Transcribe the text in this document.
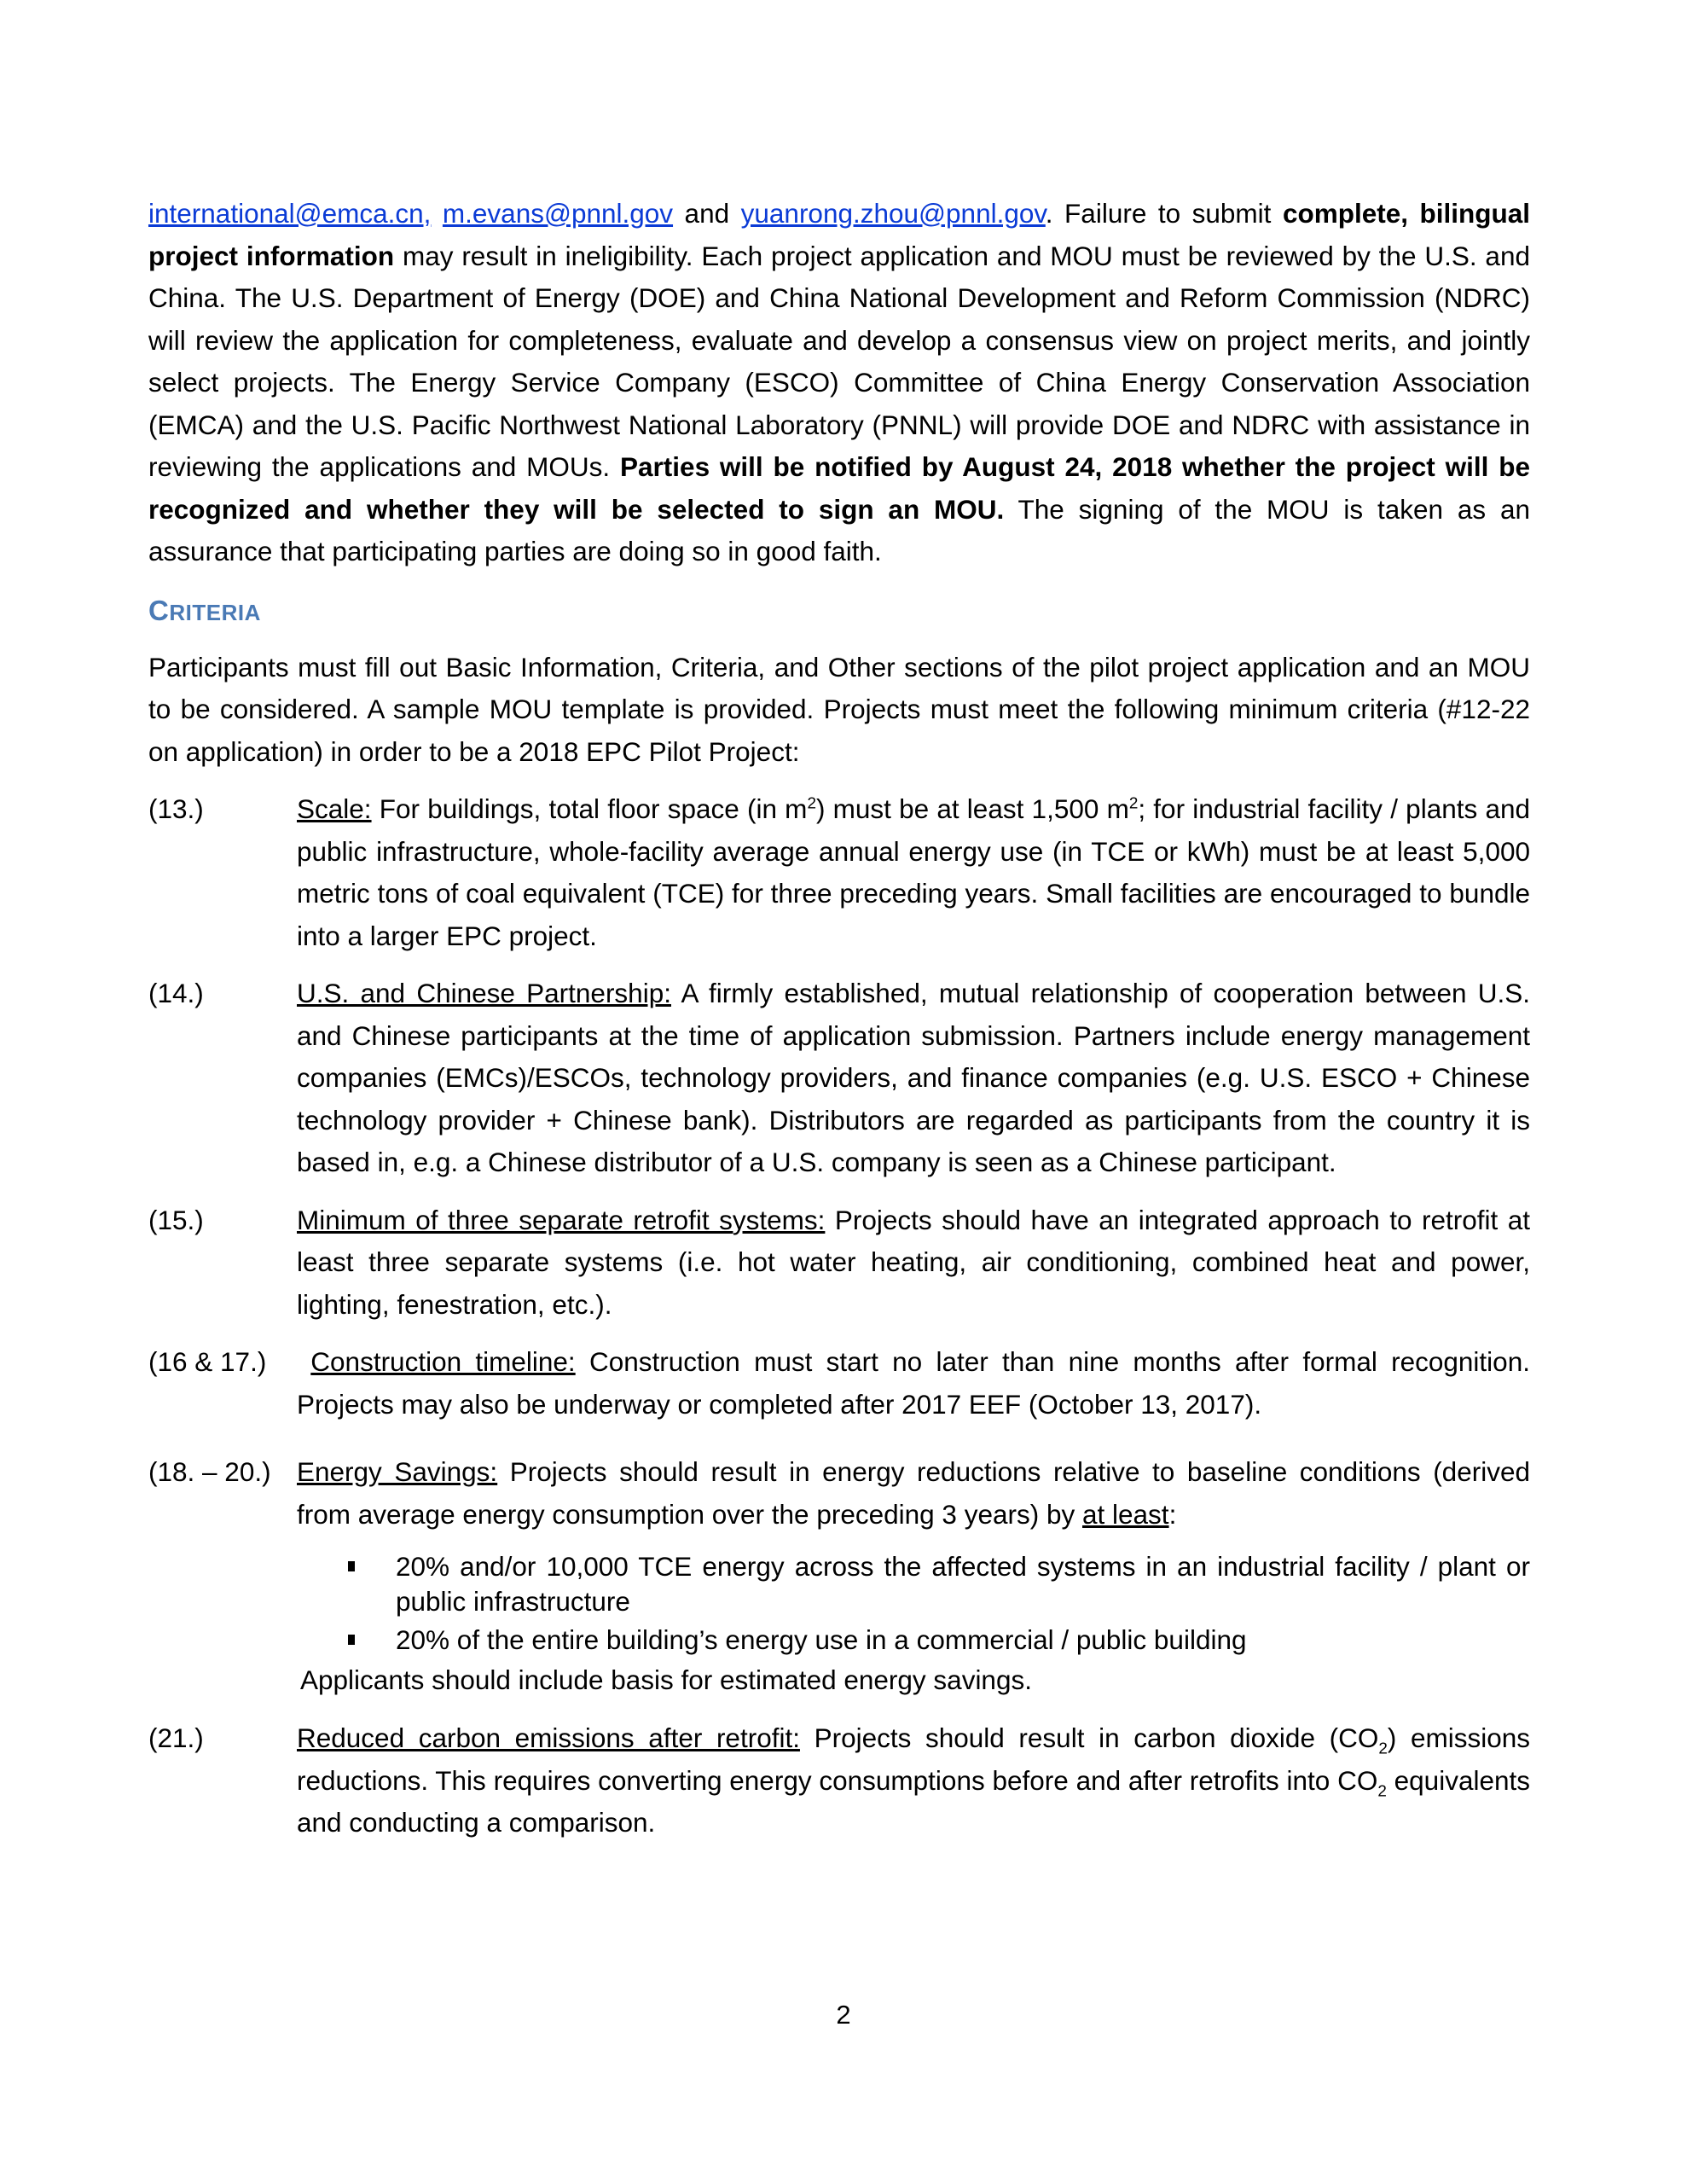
international@emca.cn, m.evans@pnnl.gov and yuanrong.zhou@pnnl.gov. Failure to submit complete, bilingual project information may result in ineligibility. Each project application and MOU must be reviewed by the U.S. and China. The U.S. Department of Energy (DOE) and China National Development and Reform Commission (NDRC) will review the application for completeness, evaluate and develop a consensus view on project merits, and jointly select projects. The Energy Service Company (ESCO) Committee of China Energy Conservation Association (EMCA) and the U.S. Pacific Northwest National Laboratory (PNNL) will provide DOE and NDRC with assistance in reviewing the applications and MOUs. Parties will be notified by August 24, 2018 whether the project will be recognized and whether they will be selected to sign an MOU. The signing of the MOU is taken as an assurance that participating parties are doing so in good faith.

CRITERIA

Participants must fill out Basic Information, Criteria, and Other sections of the pilot project application and an MOU to be considered. A sample MOU template is provided. Projects must meet the following minimum criteria (#12-22 on application) in order to be a 2018 EPC Pilot Project:

(13.)	Scale: For buildings, total floor space (in $m^2$) must be at least 1,500 $m^2$; for industrial facility / plants and public infrastructure, whole-facility average annual energy use (in TCE or kWh) must be at least 5,000 metric tons of coal equivalent (TCE) for three preceding years. Small facilities are encouraged to bundle into a larger EPC project.
(14.)	U.S. and Chinese Partnership: A firmly established, mutual relationship of cooperation between U.S. and Chinese participants at the time of application submission. Partners include energy management companies (EMCs)/ESCOs, technology providers, and finance companies (e.g. U.S. ESCO + Chinese technology provider + Chinese bank). Distributors are regarded as participants from the country it is based in, e.g. a Chinese distributor of a U.S. company is seen as a Chinese participant.
(15.)	Minimum of three separate retrofit systems: Projects should have an integrated approach to retrofit at least three separate systems (i.e. hot water heating, air conditioning, combined heat and power, lighting, fenestration, etc.).
(16 & 17.)	Construction timeline: Construction must start no later than nine months after formal recognition. Projects may also be underway or completed after 2017 EEF (October 13, 2017).
(18. – 20.) Energy Savings: Projects should result in energy reductions relative to baseline conditions (derived from average energy consumption over the preceding 3 years) by at least:
20% and/or 10,000 TCE energy across the affected systems in an industrial facility / plant or public infrastructure
20% of the entire building’s energy use in a commercial / public building
Applicants should include basis for estimated energy savings.
(21.)	Reduced carbon emissions after retrofit: Projects should result in carbon dioxide $(CO_2)$ emissions reductions. This requires converting energy consumptions before and after retrofits into $CO_2$ equivalents and conducting a comparison.
2
